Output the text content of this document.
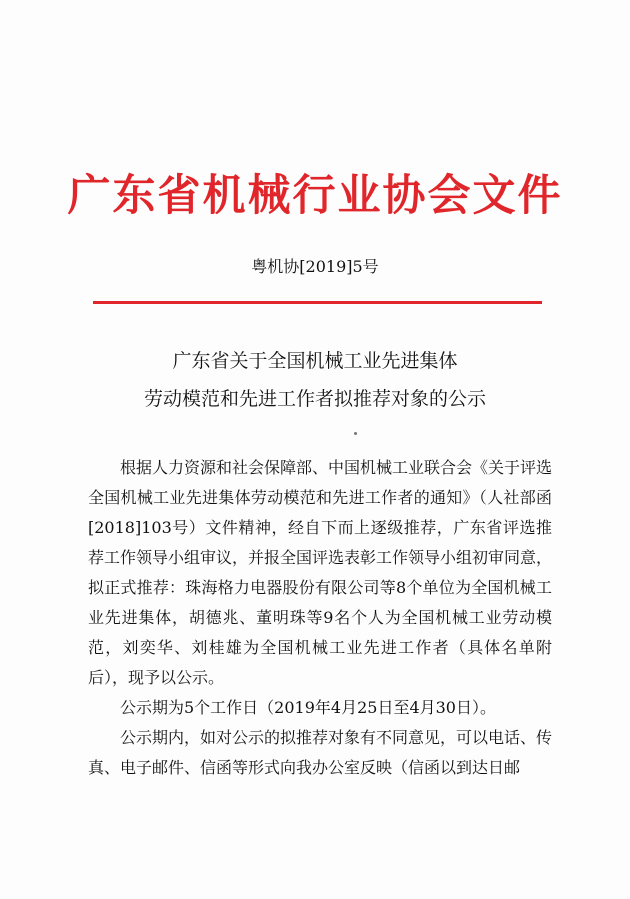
广东省机械行业协会文件
粤机协[2019]5号
广东省关于全国机械工业先进集体
劳动模范和先进工作者拟推荐对象的公示

根据人力资源和社会保障部、中国机械工业联合会《关于评选全国机械工业先进集体劳动模范和先进工作者的通知》（人社部函[2018]103号）文件精神，经自下而上逐级推荐，广东省评选推荐工作领导小组审议，并报全国评选表彰工作领导小组初审同意，拟正式推荐：珠海格力电器股份有限公司等8个单位为全国机械工业先进集体，胡德兆、董明珠等9名个人为全国机械工业劳动模范，刘奕华、刘桂雄为全国机械工业先进工作者（具体名单附后），现予以公示。

公示期为5个工作日（2019年4月25日至4月30日）。

公示期内，如对公示的拟推荐对象有不同意见，可以电话、传真、电子邮件、信函等形式向我办公室反映（信函以到达日邮
